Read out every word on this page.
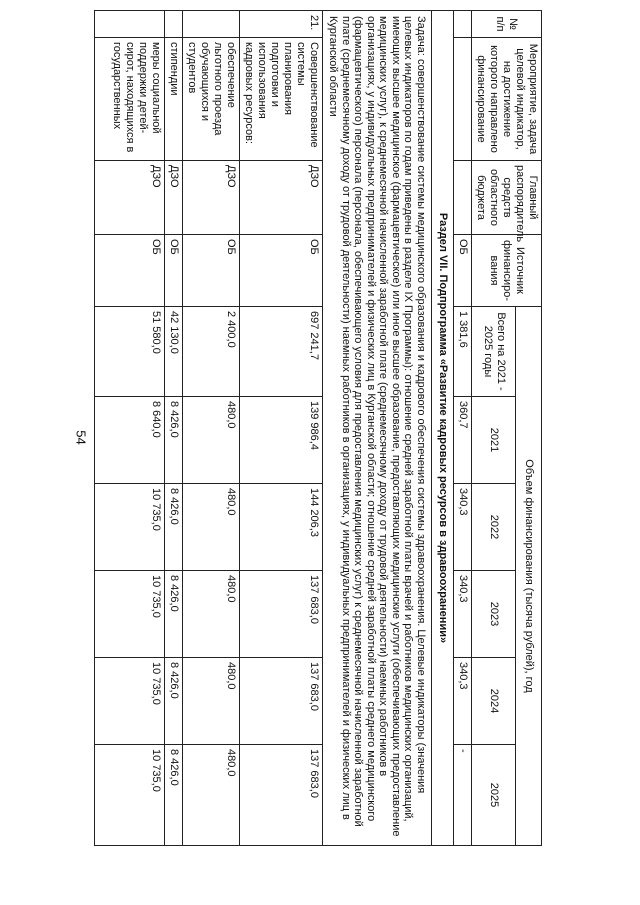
54
№ п/п	Мероприятие, задача целевой индикатор, на достижение которого направлено финансирование	Главный распорядитель средств областного бюджета	Источник финансиро-вания	Объем финансирования (тысяча рублей), год					
				Всего на 2021 - 2025 годы	2021	2022	2023	2024	2025
			ОБ	1 381,6	360,7	340,3	340,3	340,3	-
Раздел VII. Подпрограмма «Развитие кадровых ресурсов в здравоохранении»									
Задача: совершенствование системы медицинского образования и кадрового обеспечения системы здравоохранения. Целевые индикаторы (значения целевых индикаторов по годам приведены в разделе IX Программы): отношение средней заработной платы врачей и работников медицинских организаций, имеющих высшее медицинское (фармацевтическое) или иное высшее образование, предоставляющих медицинские услуги (обеспечивающих предоставление медицинских услуг), к среднемесячной начисленной заработной плате (среднемесячному доходу от трудовой деятельности) наемных работников в организациях, у индивидуальных предпринимателей и физических лиц в Курганской области; отношение средней заработной платы среднего медицинского (фармацевтического) персонала (персонала, обеспечивающего условия для предоставления медицинских услуг) к среднемесячной начисленной заработной плате (среднемесячному доходу от трудовой деятельности) наемных работников в организациях, у индивидуальных предпринимателей и физических лиц в Курганской области									
21.	Совершенствование системы планирования подготовки и использования кадровых ресурсов:	ДЗО	ОБ	697 241,7	139 986,4	144 206,3	137 683,0	137 683,0	137 683,0
	обеспечение льготного проезда обучающихся и студентов	ДЗО	ОБ	2 400,0	480,0	480,0	480,0	480,0	480,0
	стипендии	ДЗО	ОБ	42 130,0	8 426,0	8 426,0	8 426,0	8 426,0	8 426,0
	меры социальной поддержки детей-сирот, находящихся в государственных	ДЗО	ОБ	51 580,0	8 640,0	10 735,0	10 735,0	10 735,0	10 735,0
